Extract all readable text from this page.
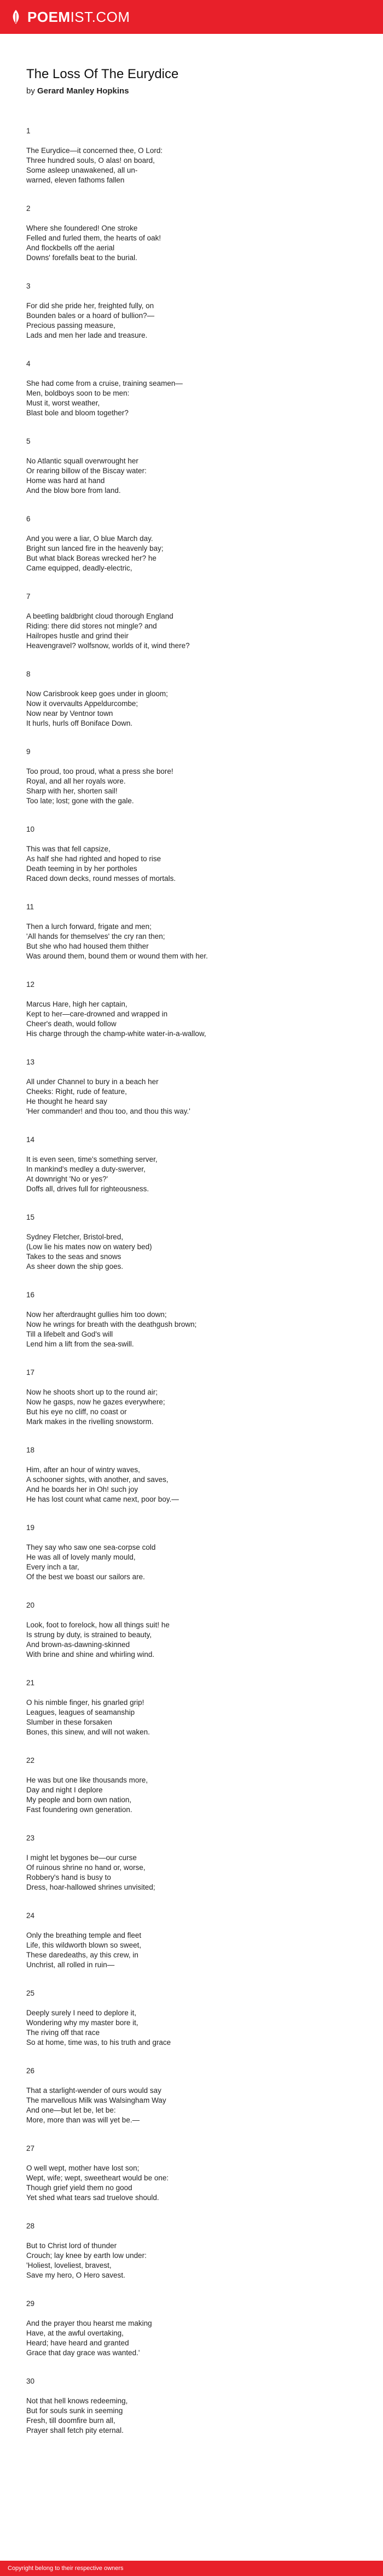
POEMIST.COM
The Loss Of The Eurydice
by Gerard Manley Hopkins
1
The Eurydice—it concerned thee, O Lord:
Three hundred souls, O alas! on board,
Some asleep unawakened, all un-
warned, eleven fathoms fallen
2
Where she foundered! One stroke
Felled and furled them, the hearts of oak!
And flockbells off the aerial
Downs' forefalls beat to the burial.
3
For did she pride her, freighted fully, on
Bounden bales or a hoard of bullion?—
Precious passing measure,
Lads and men her lade and treasure.
4
She had come from a cruise, training seamen—
Men, boldboys soon to be men:
Must it, worst weather,
Blast bole and bloom together?
5
No Atlantic squall overwrought her
Or rearing billow of the Biscay water:
Home was hard at hand
And the blow bore from land.
6
And you were a liar, O blue March day.
Bright sun lanced fire in the heavenly bay;
But what black Boreas wrecked her? he
Came equipped, deadly-electric,
7
A beetling baldbright cloud thorough England
Riding: there did stores not mingle? and
Hailropes hustle and grind their
Heavengravel? wolfsnow, worlds of it, wind there?
8
Now Carisbrook keep goes under in gloom;
Now it overvaults Appeldurcombe;
Now near by Ventnor town
It hurls, hurls off Boniface Down.
9
Too proud, too proud, what a press she bore!
Royal, and all her royals wore.
Sharp with her, shorten sail!
Too late; lost; gone with the gale.
10
This was that fell capsize,
As half she had righted and hoped to rise
Death teeming in by her portholes
Raced down decks, round messes of mortals.
11
Then a lurch forward, frigate and men;
'All hands for themselves' the cry ran then;
But she who had housed them thither
Was around them, bound them or wound them with her.
12
Marcus Hare, high her captain,
Kept to her—care-drowned and wrapped in
Cheer's death, would follow
His charge through the champ-white water-in-a-wallow,
13
All under Channel to bury in a beach her
Cheeks: Right, rude of feature,
He thought he heard say
'Her commander! and thou too, and thou this way.'
14
It is even seen, time's something server,
In mankind's medley a duty-swerver,
At downright 'No or yes?'
Doffs all, drives full for righteousness.
15
Sydney Fletcher, Bristol-bred,
(Low lie his mates now on watery bed)
Takes to the seas and snows
As sheer down the ship goes.
16
Now her afterdraught gullies him too down;
Now he wrings for breath with the deathgush brown;
Till a lifebelt and God's will
Lend him a lift from the sea-swill.
17
Now he shoots short up to the round air;
Now he gasps, now he gazes everywhere;
But his eye no cliff, no coast or
Mark makes in the rivelling snowstorm.
18
Him, after an hour of wintry waves,
A schooner sights, with another, and saves,
And he boards her in Oh! such joy
He has lost count what came next, poor boy.—
19
They say who saw one sea-corpse cold
He was all of lovely manly mould,
Every inch a tar,
Of the best we boast our sailors are.
20
Look, foot to forelock, how all things suit! he
Is strung by duty, is strained to beauty,
And brown-as-dawning-skinned
With brine and shine and whirling wind.
21
O his nimble finger, his gnarled grip!
Leagues, leagues of seamanship
Slumber in these forsaken
Bones, this sinew, and will not waken.
22
He was but one like thousands more,
Day and night I deplore
My people and born own nation,
Fast foundering own generation.
23
I might let bygones be—our curse
Of ruinous shrine no hand or, worse,
Robbery's hand is busy to
Dress, hoar-hallowed shrines unvisited;
24
Only the breathing temple and fleet
Life, this wildworth blown so sweet,
These daredeaths, ay this crew, in
Unchrist, all rolled in ruin—
25
Deeply surely I need to deplore it,
Wondering why my master bore it,
The riving off that race
So at home, time was, to his truth and grace
26
That a starlight-wender of ours would say
The marvellous Milk was Walsingham Way
And one—but let be, let be:
More, more than was will yet be.—
27
O well wept, mother have lost son;
Wept, wife; wept, sweetheart would be one:
Though grief yield them no good
Yet shed what tears sad truelove should.
28
But to Christ lord of thunder
Crouch; lay knee by earth low under:
'Holiest, loveliest, bravest,
Save my hero, O Hero savest.
29
And the prayer thou hearst me making
Have, at the awful overtaking,
Heard; have heard and granted
Grace that day grace was wanted.'
30
Not that hell knows redeeming,
But for souls sunk in seeming
Fresh, till doomfire burn all,
Prayer shall fetch pity eternal.
Copyright belong to their respective owners
